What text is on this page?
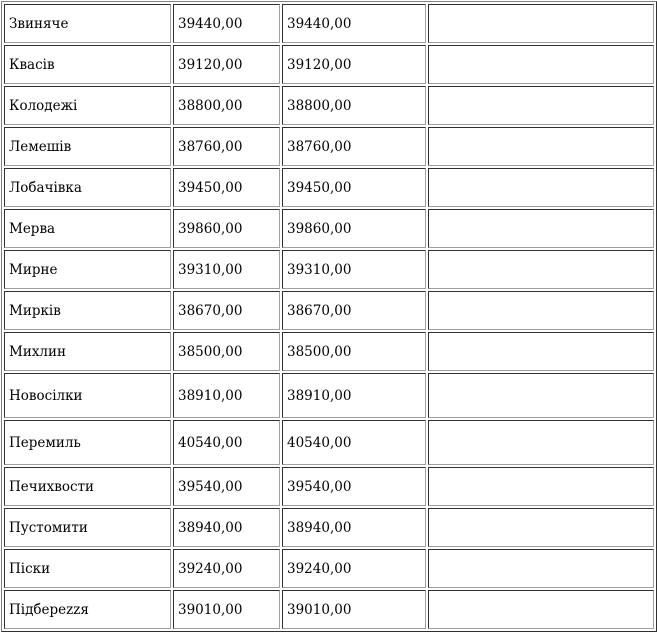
Звиняче	39440,00	39440,00	
Квасів	39120,00	39120,00	
Колодежі	38800,00	38800,00	
Лемешів	38760,00	38760,00	
Лобачівка	39450,00	39450,00	
Мерва	39860,00	39860,00	
Мирне	39310,00	39310,00	
Мирків	38670,00	38670,00	
Михлин	38500,00	38500,00	
Новосілки	38910,00	38910,00	
Перемиль	40540,00	40540,00	
Печихвости	39540,00	39540,00	
Пустомити	38940,00	38940,00	
Піски	39240,00	39240,00	
Підберezzя	39010,00	39010,00	
